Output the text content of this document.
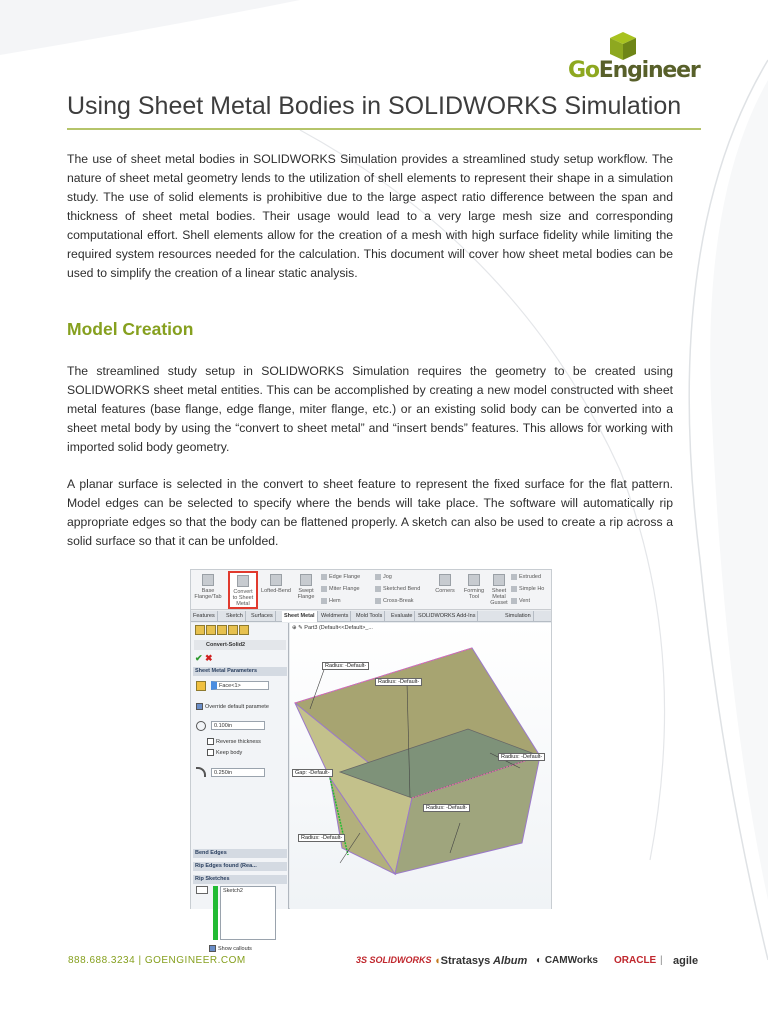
GoEngineer
Using Sheet Metal Bodies in SOLIDWORKS Simulation

The use of sheet metal bodies in SOLIDWORKS Simulation provides a streamlined study setup workflow. The nature of sheet metal geometry lends to the utilization of shell elements to represent their shape in a simulation study. The use of solid elements is prohibitive due to the large aspect ratio difference between the span and thickness of sheet metal bodies. Their usage would lead to a very large mesh size and corresponding computational effort. Shell elements allow for the creation of a mesh with high surface fidelity while limiting the required system resources needed for the calculation. This document will cover how sheet metal bodies can be used to simplify the creation of a linear static analysis.

Model Creation

The streamlined study setup in SOLIDWORKS Simulation requires the geometry to be created using SOLIDWORKS sheet metal entities. This can be accomplished by creating a new model constructed with sheet metal features (base flange, edge flange, miter flange, etc.) or an existing solid body can be converted into a sheet metal body by using the “convert to sheet metal” and “insert bends” features. This allows for working with imported solid body geometry.

A planar surface is selected in the convert to sheet feature to represent the fixed surface for the flat pattern. Model edges can be selected to specify where the bends will take place. The software will automatically rip appropriate edges so that the body can be flattened properly. A sketch can also be used to create a rip across a solid surface so that it can be unfolded.

Base
Flange/Tab
Convert
to Sheet
Metal
Lofted-Bend	Swept
Flange
Edge Flange
Miter Flange
Hem
Jog
Sketched Bend
Cross-Break
Corners	Forming
Tool
Sheet
Metal
Gusset
Extruded
Simple Ho
Vent
Features	Sketch	Surfaces	Sheet Metal	Weldments	Mold Tools	Evaluate	SOLIDWORKS Add-Ins	Simulation
Convert-Solid2
✔ ✖
Sheet Metal Parameters
Face<1>
Override default paramete
0.100in
Reverse thickness
Keep body
0.250in
Bend Edges
Rip Edges found (Rea...
Rip Sketches
Sketch2
Show callouts
⊕ ✎ Part3 (Default<<Default>_...
Radius: -Default-
Radius: -Default-
Radius: -Default-
Gap: -Default-
Radius: -Default-
Radius: -Default-
888.688.3234 | GOENGINEER.COM	3S SOLIDWORKS ◖Stratasys Album ◐ CAMWorks ORACLE | agile
